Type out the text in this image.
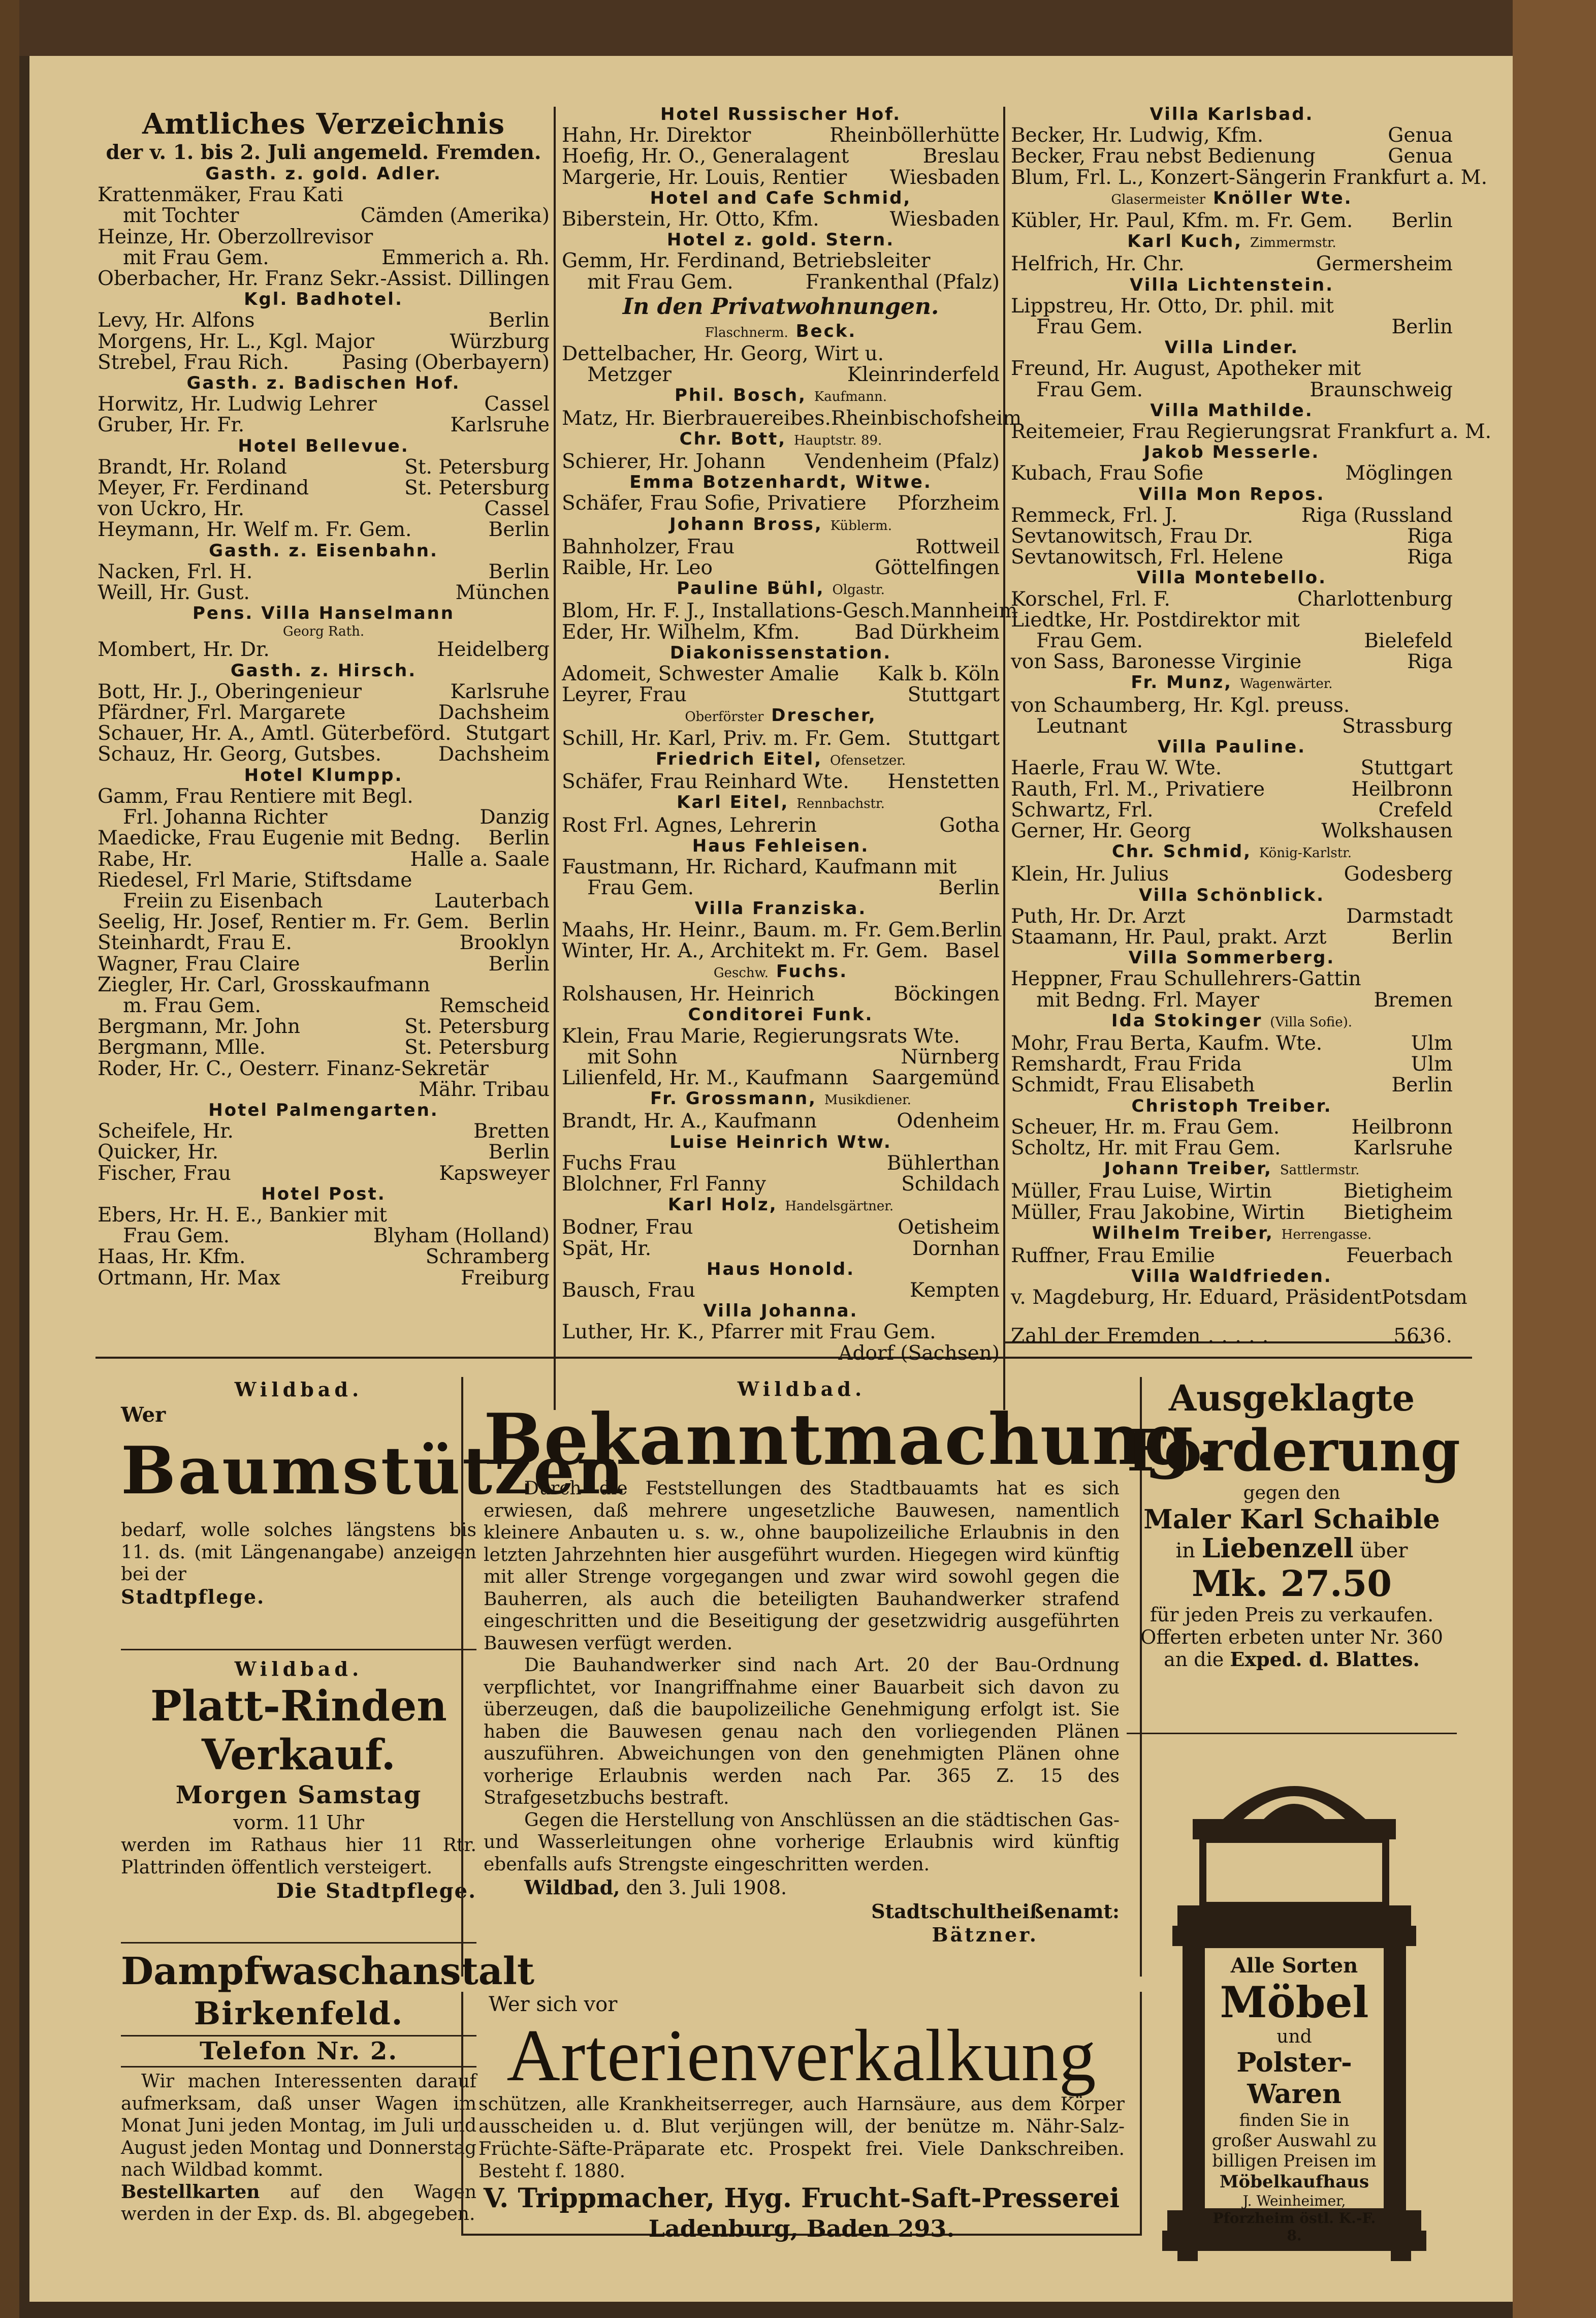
Amtliches Verzeichnis
der v. 1. bis 2. Juli angemeld. Fremden.
Gasth. z. gold. Adler.
Krattenmäker, Frau Kati
mit Tochter	Cämden (Amerika)
Heinze, Hr. Oberzollrevisor
mit Frau Gem.	Emmerich a. Rh.
Oberbacher, Hr. Franz Sekr.-Assist. Dillingen
Kgl. Badhotel.
Levy, Hr. Alfons	Berlin
Morgens, Hr. L., Kgl. Major	Würzburg
Strebel, Frau Rich.	Pasing (Oberbayern)
Gasth. z. Badischen Hof.
Horwitz, Hr. Ludwig Lehrer	Cassel
Gruber, Hr. Fr.	Karlsruhe
Hotel Bellevue.
Brandt, Hr. Roland	St. Petersburg
Meyer, Fr. Ferdinand	St. Petersburg
von Uckro, Hr.	Cassel
Heymann, Hr. Welf m. Fr. Gem.	Berlin
Gasth. z. Eisenbahn.
Nacken, Frl. H.	Berlin
Weill, Hr. Gust.	München
Pens. Villa Hanselmann
Georg Rath.
Mombert, Hr. Dr.	Heidelberg
Gasth. z. Hirsch.
Bott, Hr. J., Oberingenieur	Karlsruhe
Pfärdner, Frl. Margarete	Dachsheim
Schauer, Hr. A., Amtl. Güterbeförd. Stutgart
Schauz, Hr. Georg, Gutsbes.	Dachsheim
Hotel Klumpp.
Gamm, Frau Rentiere mit Begl.
Frl. Johanna Richter	Danzig
Maedicke, Frau Eugenie mit Bedng. Berlin
Rabe, Hr.	Halle a. Saale
Riedesel, Frl Marie, Stiftsdame
Freiin zu Eisenbach	Lauterbach
Seelig, Hr. Josef, Rentier m. Fr. Gem. Berlin
Steinhardt, Frau E.	Brooklyn
Wagner, Frau Claire	Berlin
Ziegler, Hr. Carl, Grosskaufmann
m. Frau Gem.	Remscheid
Bergmann, Mr. John	St. Petersburg
Bergmann, Mlle.	St. Petersburg
Roder, Hr. C., Oesterr. Finanz-Sekretär
Mähr. Tribau
Hotel Palmengarten.
Scheifele, Hr.	Bretten
Quicker, Hr.	Berlin
Fischer, Frau	Kapsweyer
Hotel Post.
Ebers, Hr. H. E., Bankier mit
Frau Gem.	Blyham (Holland)
Haas, Hr. Kfm.	Schramberg
Ortmann, Hr. Max	Freiburg
Hotel Russischer Hof.
Hahn, Hr. Direktor	Rheinböllerhütte
Hoefig, Hr. O., Generalagent	Breslau
Margerie, Hr. Louis, Rentier Wiesbaden
Hotel and Cafe Schmid,
Biberstein, Hr. Otto, Kfm.	Wiesbaden
Hotel z. gold. Stern.
Gemm, Hr. Ferdinand, Betriebsleiter
mit Frau Gem.	Frankenthal (Pfalz)
In den Privatwohnungen.
Flaschnerm. Beck.
Dettelbacher, Hr. Georg, Wirt u.
Metzger	Kleinrinderfeld
Phil. Bosch, Kaufmann.
Matz, Hr. Bierbrauereibes. Rheinbischofsheim
Chr. Bott, Hauptstr. 89.
Schierer, Hr. Johann Vendenheim (Pfalz)
Emma Botzenhardt, Witwe.
Schäfer, Frau Sofie, Privatiere Pforzheim
Johann Bross, Küblerm.
Bahnholzer, Frau	Rottweil
Raible, Hr. Leo	Göttelfingen
Pauline Bühl, Olgastr.
Blom, Hr. F. J., Installations-Gesch. Mannheim
Eder, Hr. Wilhelm, Kfm.	Bad Dürkheim
Diakonissenstation.
Adomeit, Schwester Amalie Kalk b. Köln
Leyrer, Frau	Stuttgart
Oberförster Drescher,
Schill, Hr. Karl, Priv. m. Fr. Gem. Stuttgart
Friedrich Eitel, Ofensetzer.
Schäfer, Frau Reinhard Wte. Henstetten
Karl Eitel, Rennbachstr.
Rost Frl. Agnes, Lehrerin	Gotha
Haus Fehleisen.
Faustmann, Hr. Richard, Kaufmann mit
Frau Gem.	Berlin
Villa Franziska.
Maahs, Hr. Heinr., Baum. m. Fr. Gem. Berlin
Winter, Hr. A., Architekt m. Fr. Gem. Basel
Geschw. Fuchs.
Rolshausen, Hr. Heinrich	Böckingen
Conditorei Funk.
Klein, Frau Marie, Regierungsrats Wte.
mit Sohn	Nürnberg
Lilienfeld, Hr. M., Kaufmann Saargemünd
Fr. Grossmann, Musikdiener.
Brandt, Hr. A., Kaufmann	Odenheim
Luise Heinrich Wtw.
Fuchs Frau	Bühlerthan
Blolchner, Frl Fanny	Schildach
Karl Holz, Handelsgärtner.
Bodner, Frau	Oetisheim
Spät, Hr.	Dornhan
Haus Honold.
Bausch, Frau	Kempten
Villa Johanna.
Luther, Hr. K., Pfarrer mit Frau Gem.
Adorf (Sachsen)
Villa Karlsbad.
Becker, Hr. Ludwig, Kfm.	Genua
Becker, Frau nebst Bedienung	Genua
Blum, Frl. L., Konzert-Sängerin Frankfurt a. M.
Glasermeister Knöller Wte.
Kübler, Hr. Paul, Kfm. m. Fr. Gem. Berlin
Karl Kuch, Zimmermstr.
Helfrich, Hr. Chr.	Germersheim
Villa Lichtenstein.
Lippstreu, Hr. Otto, Dr. phil. mit
Frau Gem.	Berlin
Villa Linder.
Freund, Hr. August, Apotheker mit
Frau Gem.	Braunschweig
Villa Mathilde.
Reitemeier, Frau Regierungsrat Frankfurt a. M.
Jakob Messerle.
Kubach, Frau Sofie	Möglingen
Villa Mon Repos.
Remmeck, Frl. J.	Riga (Russland
Sevtanowitsch, Frau Dr.	Riga
Sevtanowitsch, Frl. Helene	Riga
Villa Montebello.
Korschel, Frl. F.	Charlottenburg
Liedtke, Hr. Postdirektor mit
Frau Gem.	Bielefeld
von Sass, Baronesse Virginie	Riga
Fr. Munz, Wagenwärter.
von Schaumberg, Hr. Kgl. preuss.
Leutnant	Strassburg
Villa Pauline.
Haerle, Frau W. Wte.	Stuttgart
Rauth, Frl. M., Privatiere	Heilbronn
Schwartz, Frl.	Crefeld
Gerner, Hr. Georg	Wolkshausen
Chr. Schmid, König-Karlstr.
Klein, Hr. Julius	Godesberg
Villa Schönblick.
Puth, Hr. Dr. Arzt	Darmstadt
Staamann, Hr. Paul, prakt. Arzt	Berlin
Villa Sommerberg.
Heppner, Frau Schullehrers-Gattin
mit Bedng. Frl. Mayer	Bremen
Ida Stokinger (Villa Sofie).
Mohr, Frau Berta, Kaufm. Wte.	Ulm
Remshardt, Frau Frida	Ulm
Schmidt, Frau Elisabeth	Berlin
Christoph Treiber.
Scheuer, Hr. m. Frau Gem.	Heilbronn
Scholtz, Hr. mit Frau Gem.	Karlsruhe
Johann Treiber, Sattlermstr.
Müller, Frau Luise, Wirtin	Bietigheim
Müller, Frau Jakobine, Wirtin Bietigheim
Wilhelm Treiber, Herrengasse.
Ruffner, Frau Emilie	Feuerbach
Villa Waldfrieden.
v. Magdeburg, Hr. Eduard, Präsident Potsdam
Zahl der Fremden . . . . .	5636.
Wildbad.
Wer
Baumstützen
bedarf, wolle solches längstens bis 11. ds. (mit Längenangabe) anzeigen bei der
Stadtpflege.
Wildbad.
Platt-Rinden
Verkauf.
Morgen Samstag
vorm. 11 Uhr
werden im Rathaus hier 11 Rtr. Plattrinden öffentlich versteigert.
Die Stadtpflege.
Dampfwaschanstalt
Birkenfeld.
Telefon Nr. 2.
Wir machen Interessenten darauf aufmerksam, daß unser Wagen im Monat Juni jeden Montag, im Juli und August jeden Montag und Donnerstag nach Wildbad kommt.
Bestellkarten auf den Wagen werden in der Exp. ds. Bl. abgegeben.
Wildbad.
Bekanntmachung.
Durch die Feststellungen des Stadtbauamts hat es sich erwiesen, daß mehrere ungesetzliche Bauwesen, namentlich kleinere Anbauten u. s. w., ohne baupolizeiliche Erlaubnis in den letzten Jahrzehnten hier ausgeführt wurden. Hiegegen wird künftig mit aller Strenge vorgegangen und zwar wird sowohl gegen die Bauherren, als auch die beteiligten Bauhandwerker strafend eingeschritten und die Beseitigung der gesetzwidrig ausgeführten Bauwesen verfügt werden.
Die Bauhandwerker sind nach Art. 20 der Bau-Ordnung verpflichtet, vor Inangriffnahme einer Bauarbeit sich davon zu überzeugen, daß die baupolizeiliche Genehmigung erfolgt ist. Sie haben die Bauwesen genau nach den vorliegenden Plänen auszuführen. Abweichungen von den genehmigten Plänen ohne vorherige Erlaubnis werden nach Par. 365 Z. 15 des Strafgesetzbuchs bestraft.
Gegen die Herstellung von Anschlüssen an die städtischen Gas- und Wasserleitungen ohne vorherige Erlaubnis wird künftig ebenfalls aufs Strengste eingeschritten werden.
Wildbad, den 3. Juli 1908.
Stadtschultheißenamt:
Bätzner.
Wer sich vor
Arterienverkalkung
schützen, alle Krankheitserreger, auch Harnsäure, aus dem Körper ausscheiden u. d. Blut verjüngen will, der benütze m. Nähr-Salz-Früchte-Säfte-Präparate etc. Prospekt frei. Viele Dankschreiben. Besteht f. 1880.
V. Trippmacher, Hyg. Frucht-Saft-Presserei
Ladenburg, Baden 293.
Ausgeklagte
Forderung
gegen den
Maler Karl Schaible
in Liebenzell über
Mk. 27.50
für jeden Preis zu verkaufen.
Offerten erbeten unter Nr. 360
an die Exped. d. Blattes.
Alle Sorten
Möbel
und
Polster-Waren
finden Sie in
großer Auswahl zu
billigen Preisen im
Möbelkaufhaus
J. Weinheimer,
Pforzheim östl. K.-F. 8.
